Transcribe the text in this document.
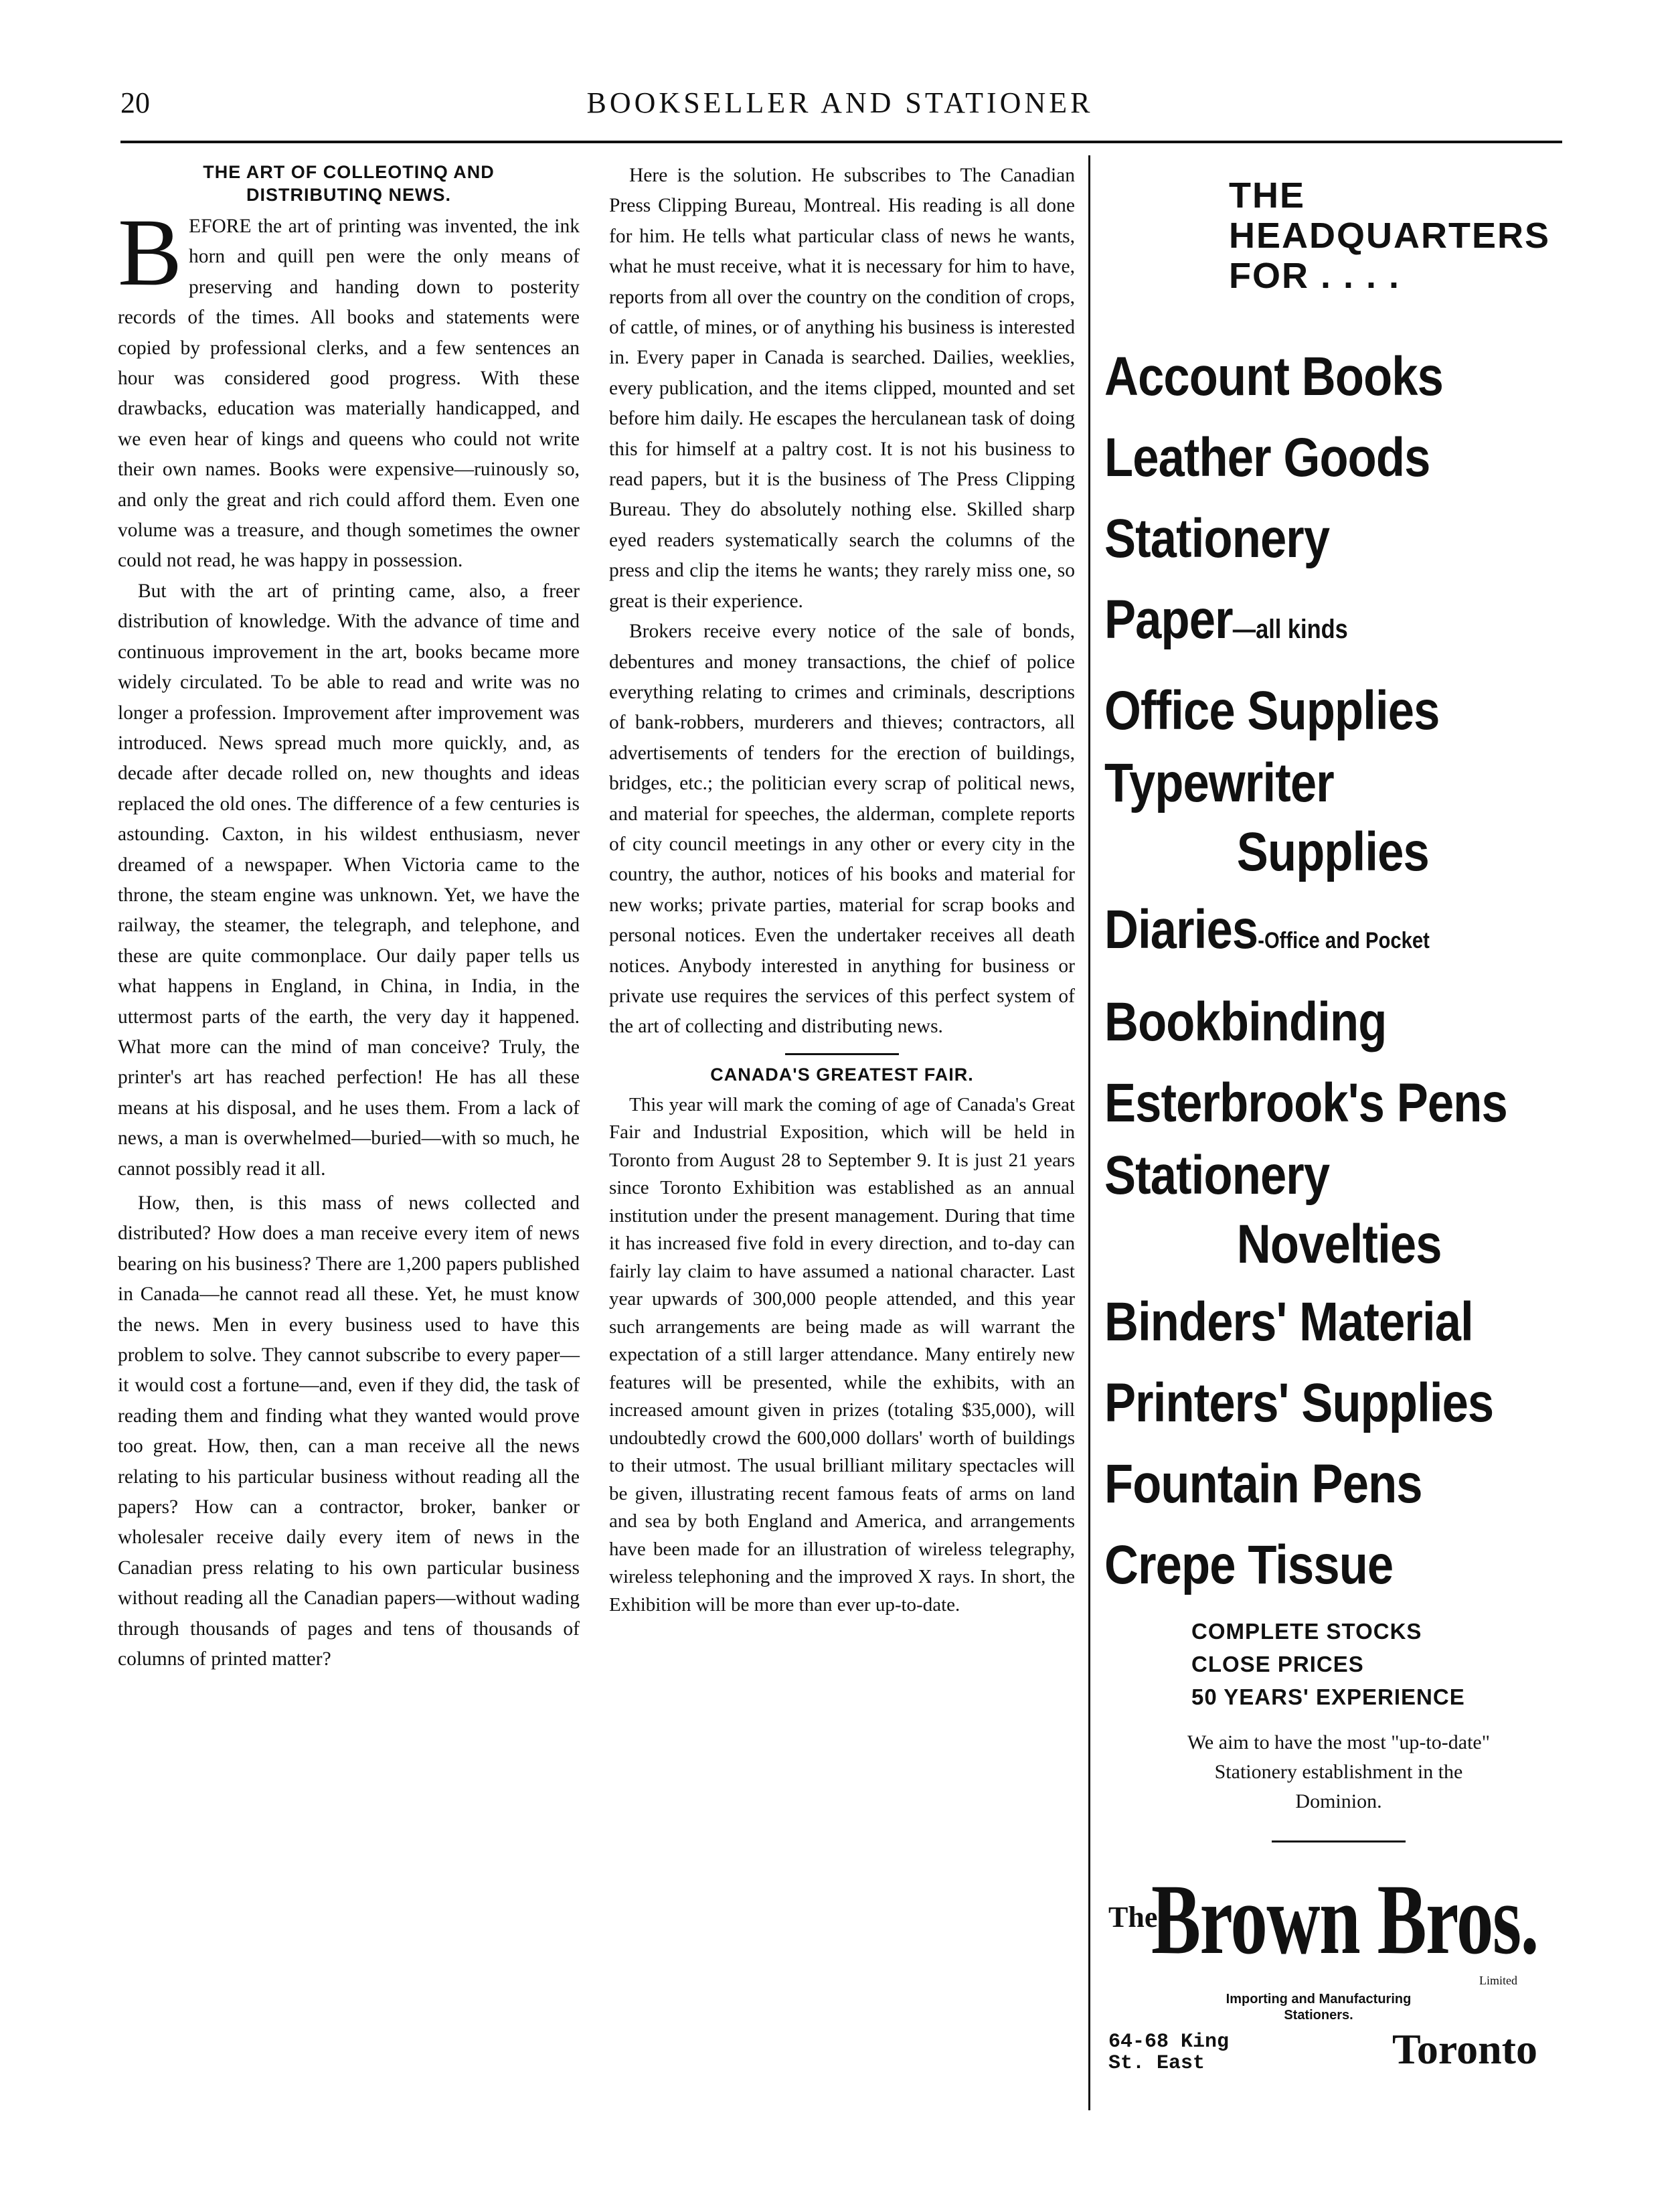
20	BOOKSELLER AND STATIONER
THE ART OF COLLEOTINQ AND
DISTRIBUTINQ NEWS.

BEFORE the art of printing was invented, the ink horn and quill pen were the only means of preserving and handing down to posterity records of the times. All books and statements were copied by professional clerks, and a few sentences an hour was considered good progress. With these drawbacks, education was materially handicapped, and we even hear of kings and queens who could not write their own names. Books were expensive—ruinously so, and only the great and rich could afford them. Even one volume was a treasure, and though sometimes the owner could not read, he was happy in possession.

But with the art of printing came, also, a freer distribution of knowledge. With the advance of time and continuous improvement in the art, books became more widely circulated. To be able to read and write was no longer a profession. Improvement after improvement was introduced. News spread much more quickly, and, as decade after decade rolled on, new thoughts and ideas replaced the old ones. The difference of a few centuries is astounding. Caxton, in his wildest enthusiasm, never dreamed of a newspaper. When Victoria came to the throne, the steam engine was unknown. Yet, we have the railway, the steamer, the telegraph, and telephone, and these are quite commonplace. Our daily paper tells us what happens in England, in China, in India, in the uttermost parts of the earth, the very day it happened. What more can the mind of man conceive? Truly, the printer's art has reached perfection! He has all these means at his disposal, and he uses them. From a lack of news, a man is overwhelmed—buried—with so much, he cannot possibly read it all.

How, then, is this mass of news collected and distributed? How does a man receive every item of news bearing on his business? There are 1,200 papers published in Canada—he cannot read all these. Yet, he must know the news. Men in every business used to have this problem to solve. They cannot subscribe to every paper—it would cost a fortune—and, even if they did, the task of reading them and finding what they wanted would prove too great. How, then, can a man receive all the news relating to his particular business without reading all the papers? How can a contractor, broker, banker or wholesaler receive daily every item of news in the Canadian press relating to his own particular business without reading all the Canadian papers—without wading through thousands of pages and tens of thousands of columns of printed matter?

Here is the solution. He subscribes to The Canadian Press Clipping Bureau, Montreal. His reading is all done for him. He tells what particular class of news he wants, what he must receive, what it is necessary for him to have, reports from all over the country on the condition of crops, of cattle, of mines, or of anything his business is interested in. Every paper in Canada is searched. Dailies, weeklies, every publication, and the items clipped, mounted and set before him daily. He escapes the herculanean task of doing this for himself at a paltry cost. It is not his business to read papers, but it is the business of The Press Clipping Bureau. They do absolutely nothing else. Skilled sharp eyed readers systematically search the columns of the press and clip the items he wants; they rarely miss one, so great is their experience.

Brokers receive every notice of the sale of bonds, debentures and money transactions, the chief of police everything relating to crimes and criminals, descriptions of bank-robbers, murderers and thieves; contractors, all advertisements of tenders for the erection of buildings, bridges, etc.; the politician every scrap of political news, and material for speeches, the alderman, complete reports of city council meetings in any other or every city in the country, the author, notices of his books and material for new works; private parties, material for scrap books and personal notices. Even the undertaker receives all death notices. Anybody interested in anything for business or private use requires the services of this perfect system of the art of collecting and distributing news.

CANADA'S GREATEST FAIR.

This year will mark the coming of age of Canada's Great Fair and Industrial Exposition, which will be held in Toronto from August 28 to September 9. It is just 21 years since Toronto Exhibition was established as an annual institution under the present management. During that time it has increased five fold in every direction, and to-day can fairly lay claim to have assumed a national character. Last year upwards of 300,000 people attended, and this year such arrangements are being made as will warrant the expectation of a still larger attendance. Many entirely new features will be presented, while the exhibits, with an increased amount given in prizes (totaling $35,000), will undoubtedly crowd the 600,000 dollars' worth of buildings to their utmost. The usual brilliant military spectacles will be given, illustrating recent famous feats of arms on land and sea by both England and America, and arrangements have been made for an illustration of wireless telegraphy, wireless telephoning and the improved X rays. In short, the Exhibition will be more than ever up-to-date.

THE
HEADQUARTERS
FOR . . . .
Account Books
Leather Goods
Stationery
Paper—all kinds
Office Supplies
Typewriter
Supplies
Diaries-Office and Pocket
Bookbinding
Esterbrook's Pens
Stationery
Novelties
Binders' Material
Printers' Supplies
Fountain Pens
Crepe Tissue
COMPLETE STOCKS
CLOSE PRICES
50 YEARS' EXPERIENCE
We aim to have the most "up-to-date"
Stationery establishment in the
Dominion.
The
Brown Bros.
Limited
Importing and Manufacturing
Stationers.
64-68 King
St. East	Toronto
